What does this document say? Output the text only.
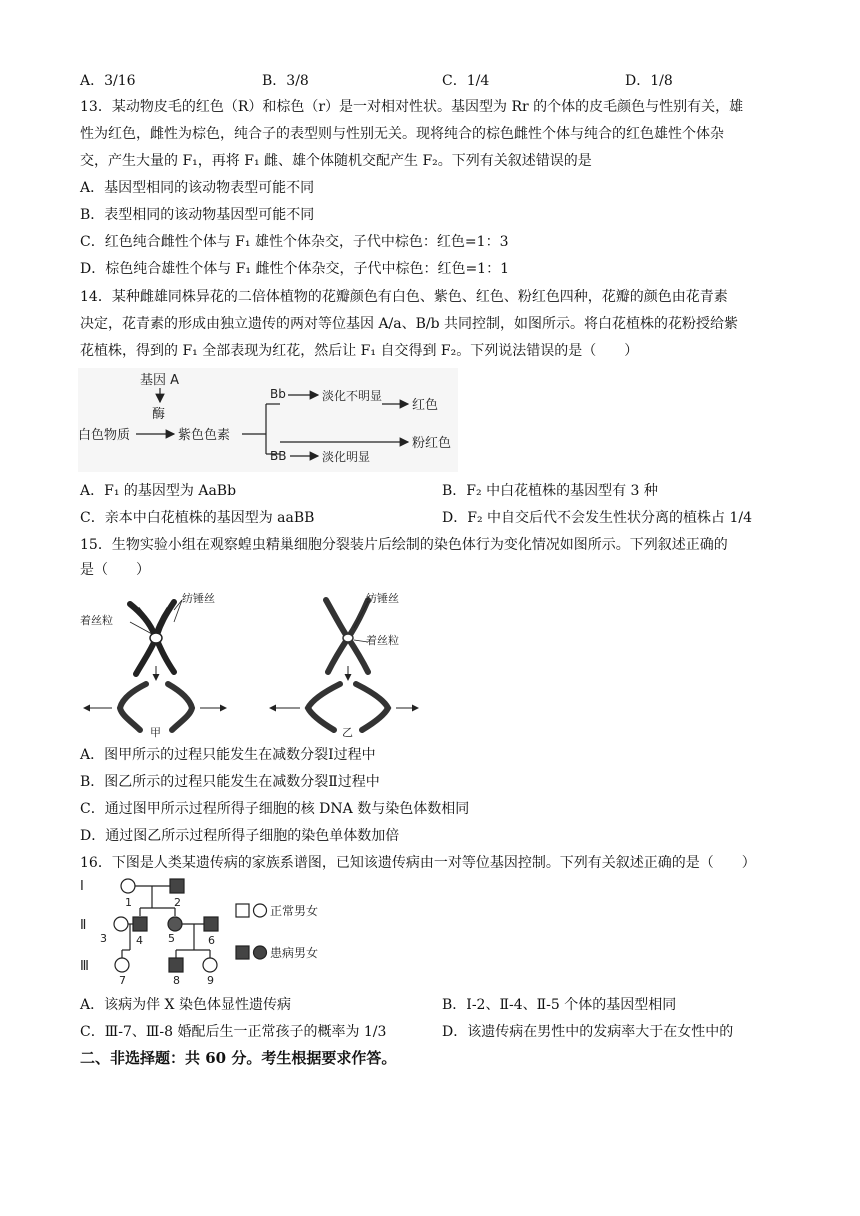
A．3/16	B．3/8	C．1/4	D．1/8
13．某动物皮毛的红色（R）和棕色（r）是一对相对性状。基因型为 Rr 的个体的皮毛颜色与性别有关，雄
性为红色，雌性为棕色，纯合子的表型则与性别无关。现将纯合的棕色雌性个体与纯合的红色雄性个体杂
交，产生大量的 F₁，再将 F₁ 雌、雄个体随机交配产生 F₂。下列有关叙述错误的是
A．基因型相同的该动物表型可能不同
B．表型相同的该动物基因型可能不同
C．红色纯合雌性个体与 F₁ 雄性个体杂交，子代中棕色：红色=1：3
D．棕色纯合雄性个体与 F₁ 雌性个体杂交，子代中棕色：红色=1：1
14．某种雌雄同株异花的二倍体植物的花瓣颜色有白色、紫色、红色、粉红色四种，花瓣的颜色由花青素
决定，花青素的形成由独立遗传的两对等位基因 A/a、B/b 共同控制，如图所示。将白花植株的花粉授给紫
花植株，得到的 F₁ 全部表现为红花，然后让 F₁ 自交得到 F₂。下列说法错误的是（　　）
基因 A
酶
白色物质	紫色色素
Bb	淡化不明显
红色
粉红色
BB	淡化明显
A．F₁ 的基因型为 AaBb	B．F₂ 中白花植株的基因型有 3 种
C．亲本中白花植株的基因型为 aaBB	D．F₂ 中自交后代不会发生性状分离的植株占 1/4
15．生物实验小组在观察蝗虫精巢细胞分裂装片后绘制的染色体行为变化情况如图所示。下列叙述正确的
是（　　）
纺锤丝
着丝粒
甲
纺锤丝
着丝粒
乙
A．图甲所示的过程只能发生在减数分裂Ⅰ过程中
B．图乙所示的过程只能发生在减数分裂Ⅱ过程中
C．通过图甲所示过程所得子细胞的核 DNA 数与染色体数相同
D．通过图乙所示过程所得子细胞的染色单体数加倍
16．下图是人类某遗传病的家族系谱图，已知该遗传病由一对等位基因控制。下列有关叙述正确的是（　　）
Ⅰ
Ⅱ
Ⅲ
1	2
3	4 5	6
7	8 9
正常男女
患病男女
A．该病为伴 X 染色体显性遗传病	B．Ⅰ-2、Ⅱ-4、Ⅱ-5 个体的基因型相同
C．Ⅲ-7、Ⅲ-8 婚配后生一正常孩子的概率为 1/3	D．该遗传病在男性中的发病率大于在女性中的
二、非选择题：共 60 分。考生根据要求作答。
